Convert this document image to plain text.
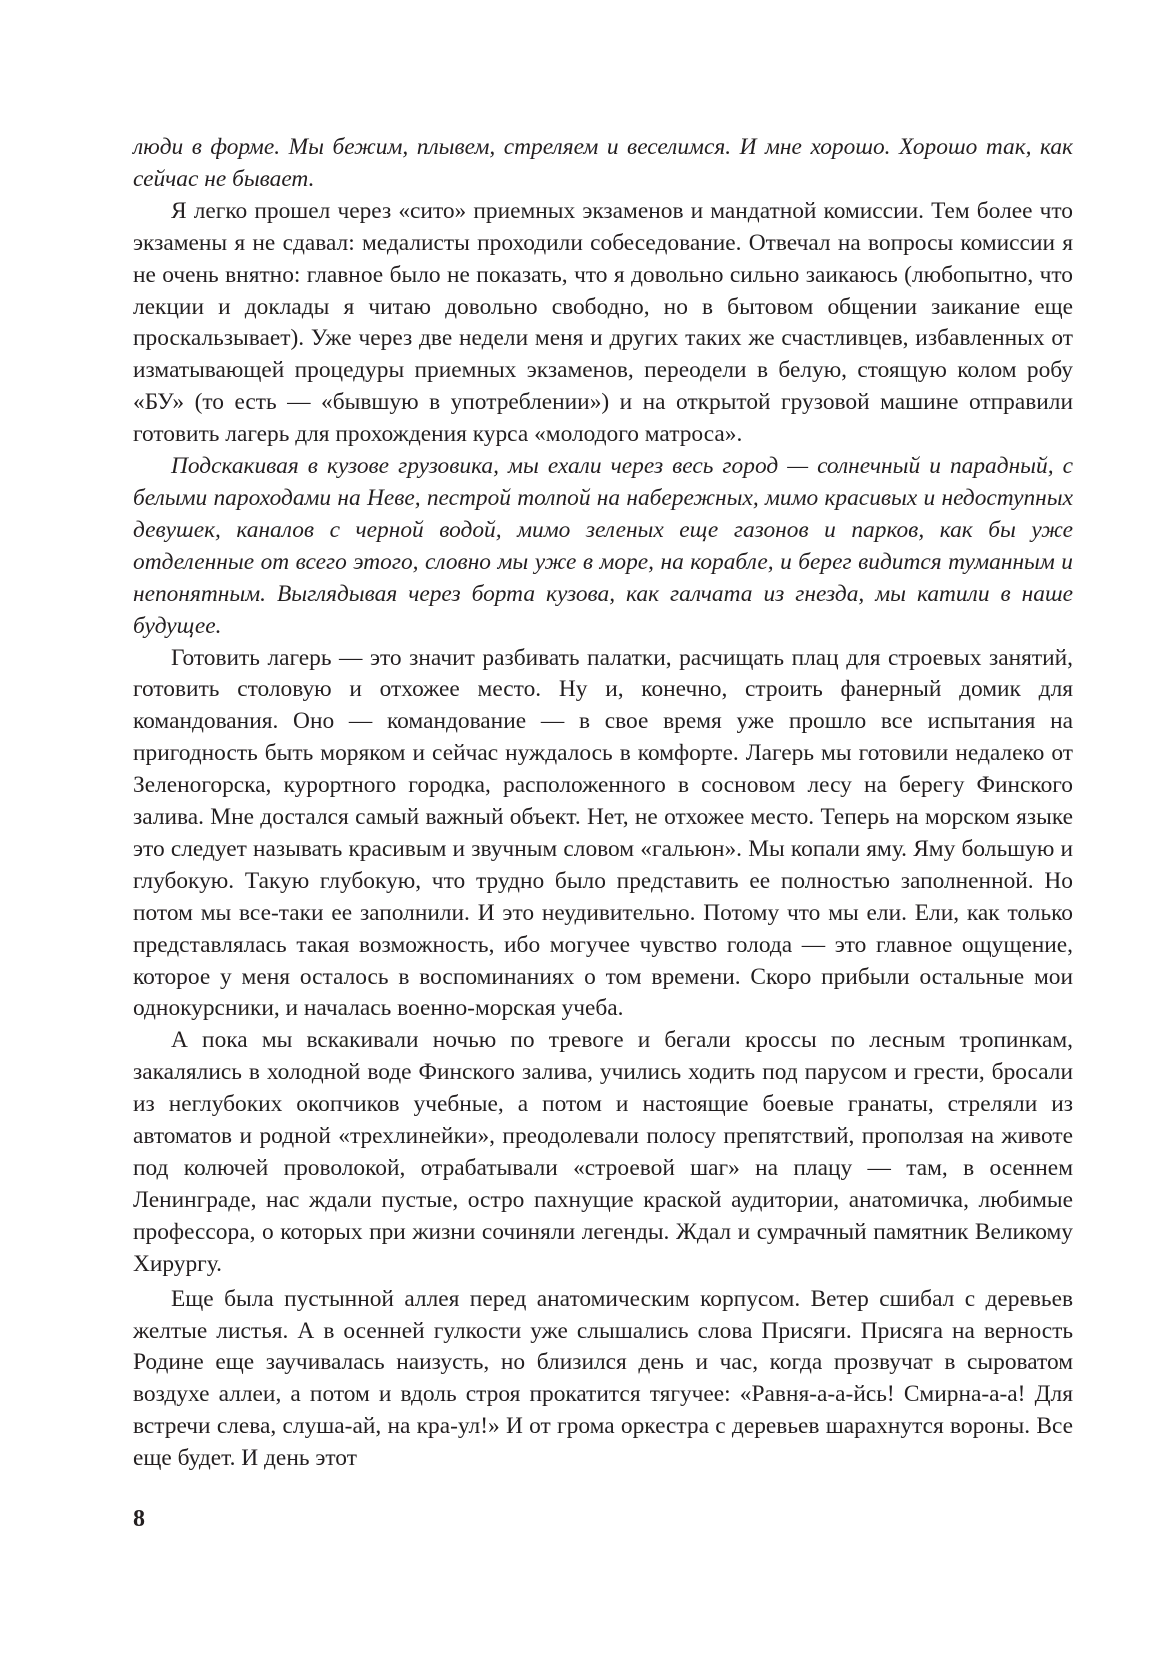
люди в форме. Мы бежим, плывем, стреляем и веселимся. И мне хорошо. Хорошо так, как сейчас не бывает.

Я легко прошел через «сито» приемных экзаменов и мандатной комиссии. Тем более что экзамены я не сдавал: медалисты проходили собеседование. Отвечал на вопросы комиссии я не очень внятно: главное было не показать, что я довольно сильно заикаюсь (любопытно, что лекции и доклады я читаю довольно свободно, но в бытовом общении заикание еще проскальзывает). Уже через две недели меня и других таких же счастливцев, избавленных от изматывающей процедуры приемных экзаменов, переодели в белую, стоящую колом робу «БУ» (то есть — «бывшую в употреблении») и на открытой грузовой машине отправили готовить лагерь для прохождения курса «молодого матроса».

Подскакивая в кузове грузовика, мы ехали через весь город — солнечный и парадный, с белыми пароходами на Неве, пестрой толпой на набережных, мимо красивых и недоступных девушек, каналов с черной водой, мимо зеленых еще газонов и парков, как бы уже отделенные от всего этого, словно мы уже в море, на корабле, и берег видится туманным и непонятным. Выглядывая через борта кузова, как галчата из гнезда, мы катили в наше будущее.

Готовить лагерь — это значит разбивать палатки, расчищать плац для строевых занятий, готовить столовую и отхожее место. Ну и, конечно, строить фанерный домик для командования. Оно — командование — в свое время уже прошло все испытания на пригодность быть моряком и сейчас нуждалось в комфорте. Лагерь мы готовили недалеко от Зеленогорска, курортного городка, расположенного в сосновом лесу на берегу Финского залива. Мне достался самый важный объект. Нет, не отхожее место. Теперь на морском языке это следует называть красивым и звучным словом «гальюн». Мы копали яму. Яму большую и глубокую. Такую глубокую, что трудно было представить ее полностью заполненной. Но потом мы все-таки ее заполнили. И это неудивительно. Потому что мы ели. Ели, как только представлялась такая возможность, ибо могучее чувство голода — это главное ощущение, которое у меня осталось в воспоминаниях о том времени. Скоро прибыли остальные мои однокурсники, и началась военно-морская учеба.

А пока мы вскакивали ночью по тревоге и бегали кроссы по лесным тропинкам, закалялись в холодной воде Финского залива, учились ходить под парусом и грести, бросали из неглубоких окопчиков учебные, а потом и настоящие боевые гранаты, стреляли из автоматов и родной «трехлинейки», преодолевали полосу препятствий, проползая на животе под колючей проволокой, отрабатывали «строевой шаг» на плацу — там, в осеннем Ленинграде, нас ждали пустые, остро пахнущие краской аудитории, анатомичка, любимые профессора, о которых при жизни сочиняли легенды. Ждал и сумрачный памятник Великому Хирургу.

Еще была пустынной аллея перед анатомическим корпусом. Ветер сшибал с деревьев желтые листья. А в осенней гулкости уже слышались слова Присяги. Присяга на верность Родине еще заучивалась наизусть, но близился день и час, когда прозвучат в сыроватом воздухе аллеи, а потом и вдоль строя прокатится тягучее: «Равня-а-а-йсь! Смирна-а-а! Для встречи слева, слуша-ай, на кра-ул!» И от грома оркестра с деревьев шарахнутся вороны. Все еще будет. И день этот

8
